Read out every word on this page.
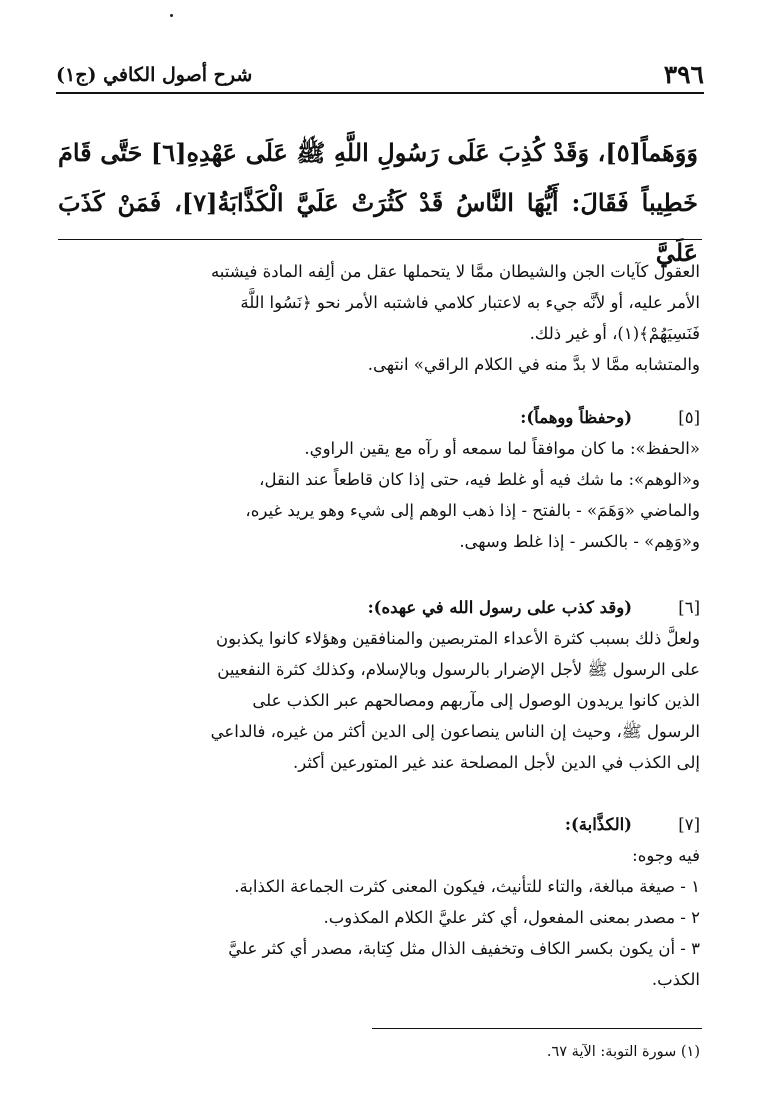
٣٩٦
شرح أصول الكافي (ج١)

وَوَهَماً[٥]، وَقَدْ كُذِبَ عَلَى رَسُولِ اللَّهِ ﷺ عَلَى عَهْدِهِ[٦] حَتَّى قَامَ

خَطِيباً فَقَالَ: أَيُّهَا النَّاسُ قَدْ كَثُرَتْ عَلَيَّ الْكَذَّابَةُ[٧]، فَمَنْ كَذَبَ عَلَيَّ

العقول كآيات الجن والشيطان ممَّا لا يتحملها عقل من ألِفه المادة فيشتبه

الأمر عليه، أو لأنَّه جيء به لاعتبار كلامي فاشتبه الأمر نحو ﴿نَسُوا اللَّهَ

فَنَسِيَهُمْ﴾(١)، أو غير ذلك.

والمتشابه ممَّا لا بدَّ منه في الكلام الراقي» انتهى.

[٥]
(وحفظاً ووهماً):

«الحفظ»: ما كان موافقاً لما سمعه أو رآه مع يقين الراوي.

و«الوهم»: ما شك فيه أو غلط فيه، حتى إذا كان قاطعاً عند النقل،

والماضي «وَهَمَ» - بالفتح - إذا ذهب الوهم إلى شيء وهو يريد غيره،

و«وَهِم» - بالكسر - إذا غلط وسهى.

[٦]
(وقد كذب على رسول الله في عهده):

ولعلَّ ذلك بسبب كثرة الأعداء المتربصين والمنافقين وهؤلاء كانوا يكذبون

على الرسول ﷺ لأجل الإضرار بالرسول وبالإسلام، وكذلك كثرة النفعيين

الذين كانوا يريدون الوصول إلى مآربهم ومصالحهم عبر الكذب على

الرسول ﷺ، وحيث إن الناس ينصاعون إلى الدين أكثر من غيره، فالداعي

إلى الكذب في الدين لأجل المصلحة عند غير المتورعين أكثر.

[٧]
(الكذَّابة):

فيه وجوه:

١ - صيغة مبالغة، والتاء للتأنيث، فيكون المعنى كثرت الجماعة الكذابة.

٢ - مصدر بمعنى المفعول، أي كثر عليَّ الكلام المكذوب.

٣ - أن يكون بكسر الكاف وتخفيف الذال مثل كِتابة، مصدر أي كثر عليَّ

الكذب.

(١) سورة التوبة: الآية ٦٧.
